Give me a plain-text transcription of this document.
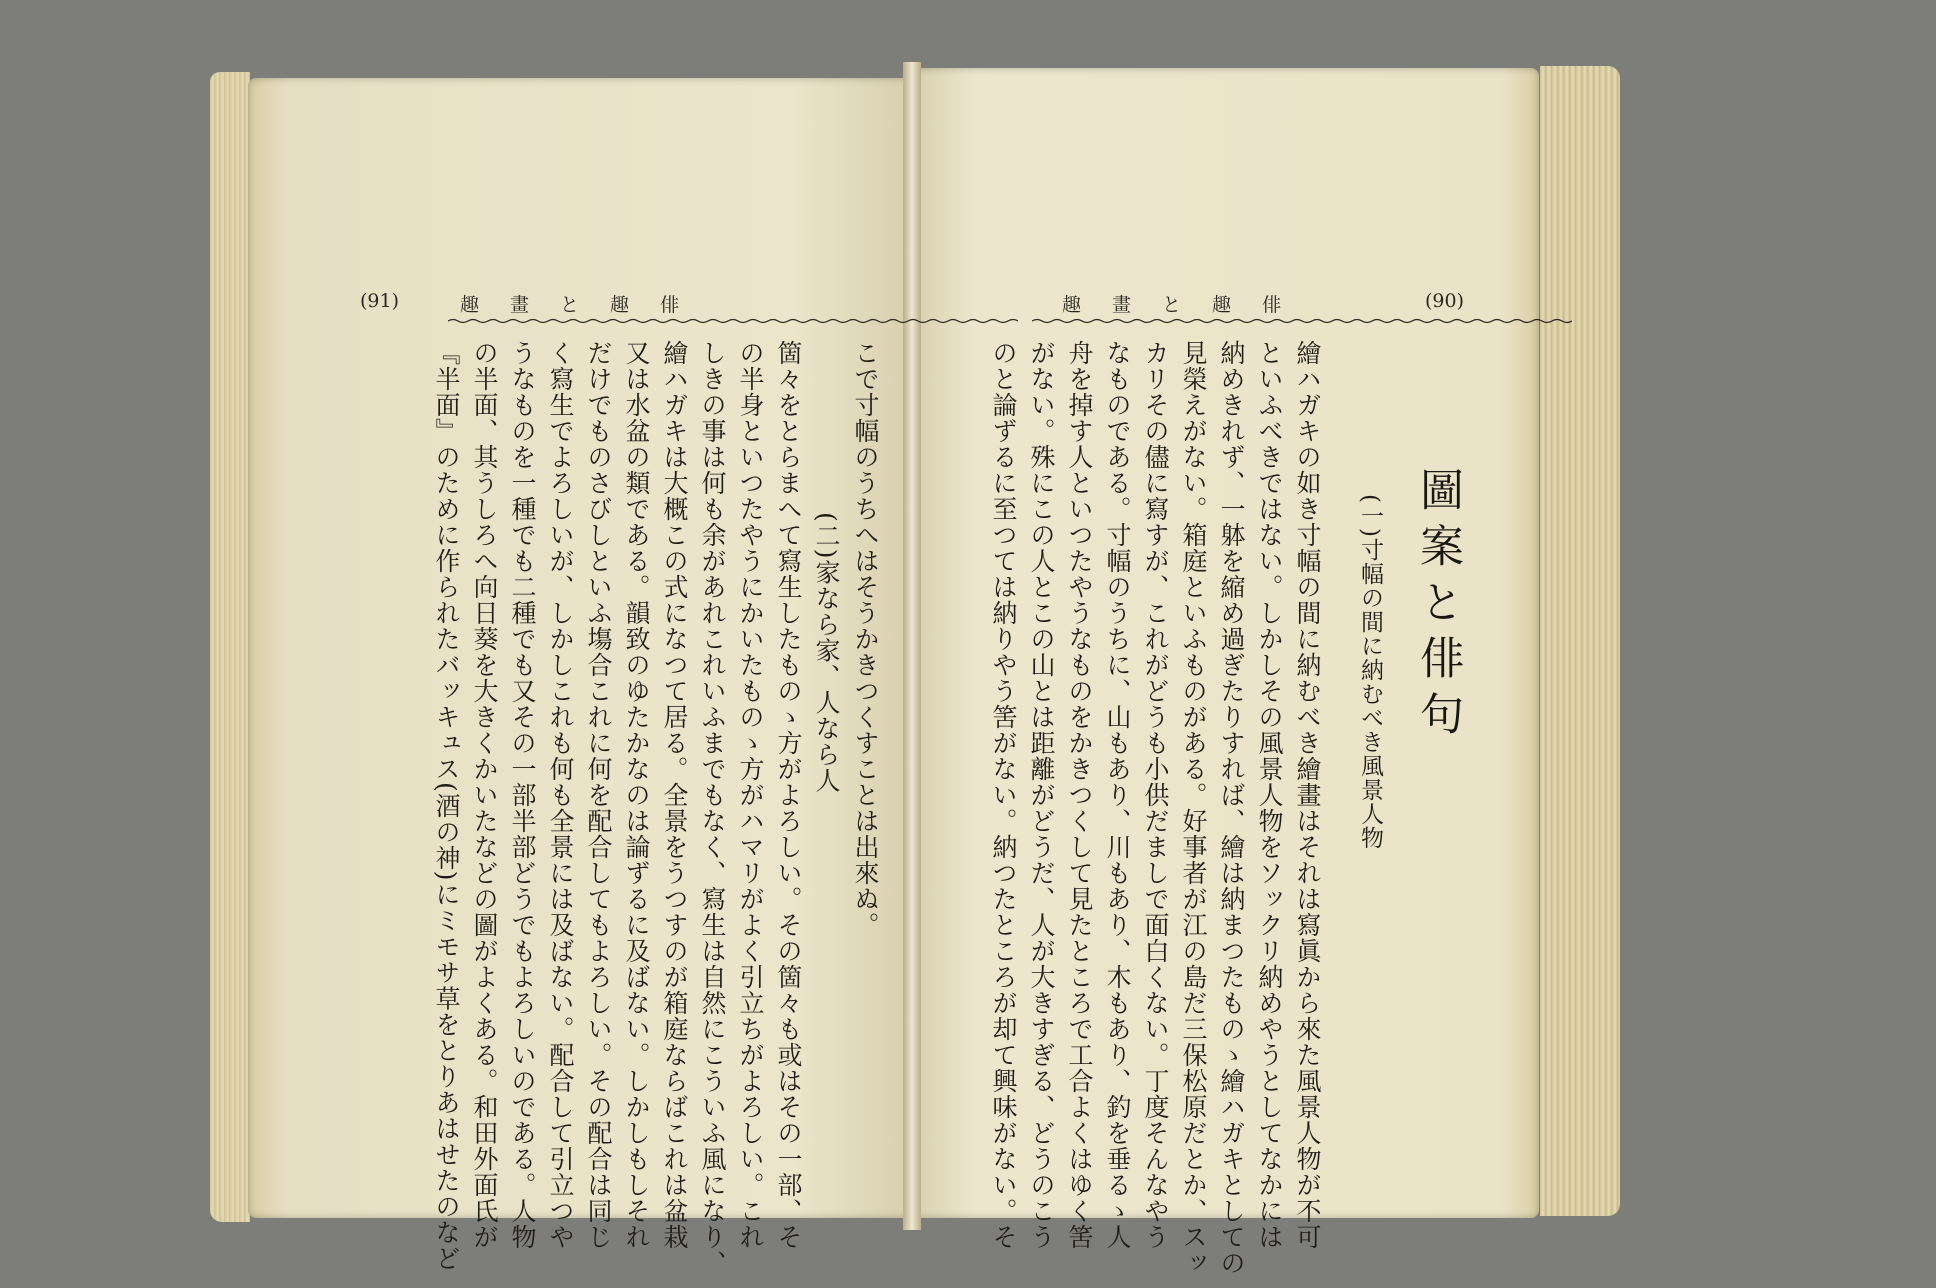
(91)	趣　畫　と　趣　俳
こで寸幅のうちへはそうかきつくすことは出來ぬ。
(二)家なら家、人なら人
箇々をとらまへて寫生したものゝ方がよろしい。その箇々も或はその一部、そ
の半身といつたやうにかいたものゝ方がハマリがよく引立ちがよろしい。これ
しきの事は何も余があれこれいふまでもなく、寫生は自然にこういふ風になり、
繪ハガキは大概この式になつて居る。全景をうつすのが箱庭ならばこれは盆栽
又は水盆の類である。韻致のゆたかなのは論ずるに及ばない。しかしもしそれ
だけでものさびしといふ塲合これに何を配合してもよろしい。その配合は同じ
く寫生でよろしいが、しかしこれも何も全景には及ばない。配合して引立つや
うなものを一種でも二種でも又その一部半部どうでもよろしいのである。人物
の半面、其うしろへ向日葵を大きくかいたなどの圖がよくある。和田外面氏が
『半面』のために作られたバッキュス(酒の神)にミモサ草をとりあはせたのなど
趣　畫　と　趣　俳	(90)
圖案と俳句
(一)寸幅の間に納むべき風景人物
繪ハガキの如き寸幅の間に納むべき繪畫はそれは寫眞から來た風景人物が不可
といふべきではない。しかしその風景人物をソックリ納めやうとしてなかには
納めきれず、一躰を縮め過ぎたりすれば、繪は納まつたものゝ繪ハガキとしての
見榮えがない。箱庭といふものがある。好事者が江の島だ三保松原だとか、スッ
カリその儘に寫すが、これがどうも小供だましで面白くない。丁度そんなやう
なものである。寸幅のうちに、山もあり、川もあり、木もあり、釣を垂るゝ人
舟を掉す人といつたやうなものをかきつくして見たところで工合よくはゆく筈
がない。殊にこの人とこの山とは距離がどうだ、人が大きすぎる、どうのこう
のと論ずるに至つては納りやう筈がない。納つたところが却て興味がない。そ
